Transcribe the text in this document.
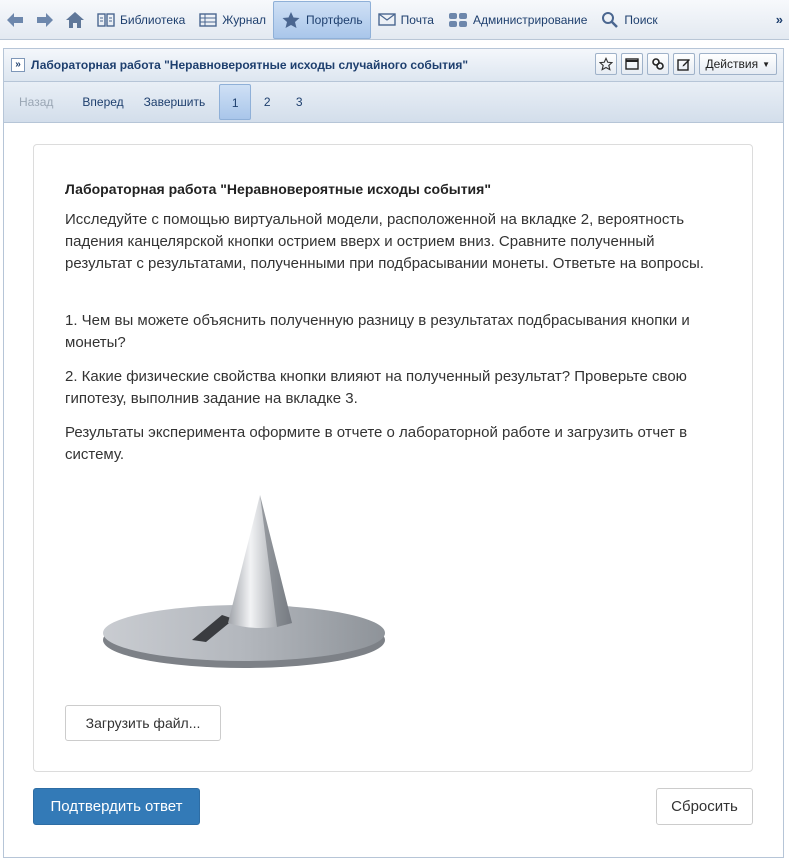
Библиотека	Журнал	Портфель	Почта	Администрирование	Поиск	»
» Лабораторная работа "Неравновероятные исходы случайного события"	Действия ▼
Назад Вперед Завершить	1	2	3
Лабораторная работа "Неравновероятные исходы события"

Исследуйте с помощью виртуальной модели, расположенной на вкладке 2, вероятность падения канцелярской кнопки острием вверх и острием вниз. Сравните полученный результат с результатами, полученными при подбрасывании монеты. Ответьте на вопросы.

1. Чем вы можете объяснить полученную разницу в результатах подбрасывания кнопки и монеты?

2. Какие физические свойства кнопки влияют на полученный результат? Проверьте свою гипотезу, выполнив задание на вкладке 3.

Результаты эксперимента оформите в отчете о лабораторной работе и загрузить отчет в систему.

Загрузить файл...
Подтвердить ответ	Сбросить
